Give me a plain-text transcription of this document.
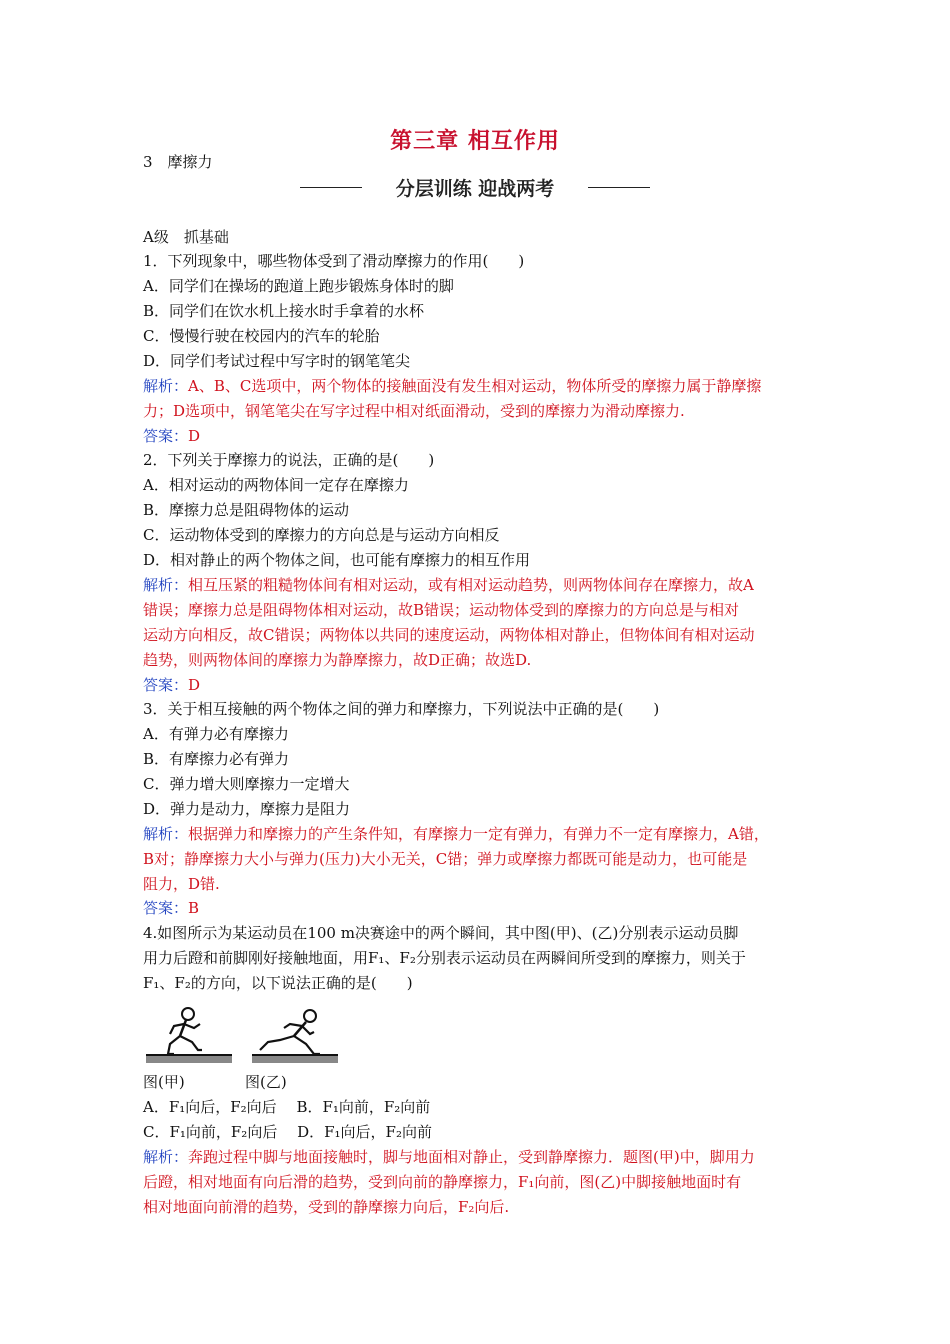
第三章 相互作用
3　摩擦力
分层训练 迎战两考
A级　抓基础
1．下列现象中，哪些物体受到了滑动摩擦力的作用(　　)
A．同学们在操场的跑道上跑步锻炼身体时的脚
B．同学们在饮水机上接水时手拿着的水杯
C．慢慢行驶在校园内的汽车的轮胎
D．同学们考试过程中写字时的钢笔笔尖
解析：A、B、C选项中，两个物体的接触面没有发生相对运动，物体所受的摩擦力属于静摩擦
力；D选项中，钢笔笔尖在写字过程中相对纸面滑动，受到的摩擦力为滑动摩擦力.
答案：D
2．下列关于摩擦力的说法，正确的是(　　)
A．相对运动的两物体间一定存在摩擦力
B．摩擦力总是阻碍物体的运动
C．运动物体受到的摩擦力的方向总是与运动方向相反
D．相对静止的两个物体之间，也可能有摩擦力的相互作用
解析：相互压紧的粗糙物体间有相对运动，或有相对运动趋势，则两物体间存在摩擦力，故A
错误；摩擦力总是阻碍物体相对运动，故B错误；运动物体受到的摩擦力的方向总是与相对
运动方向相反，故C错误；两物体以共同的速度运动，两物体相对静止，但物体间有相对运动
趋势，则两物体间的摩擦力为静摩擦力，故D正确；故选D.
答案：D
3．关于相互接触的两个物体之间的弹力和摩擦力，下列说法中正确的是(　　)
A．有弹力必有摩擦力
B．有摩擦力必有弹力
C．弹力增大则摩擦力一定增大
D．弹力是动力，摩擦力是阻力
解析：根据弹力和摩擦力的产生条件知，有摩擦力一定有弹力，有弹力不一定有摩擦力，A错，
B对；静摩擦力大小与弹力(压力)大小无关，C错；弹力或摩擦力都既可能是动力，也可能是
阻力，D错.
答案：B
4.如图所示为某运动员在100 m决赛途中的两个瞬间，其中图(甲)、(乙)分别表示运动员脚
用力后蹬和前脚刚好接触地面，用F₁、F₂分别表示运动员在两瞬间所受到的摩擦力，则关于
F₁、F₂的方向，以下说法正确的是(　　)
图(甲)	图(乙)
A．F₁向后，F₂向后　 B．F₁向前，F₂向前
C．F₁向前，F₂向后　 D．F₁向后，F₂向前
解析：奔跑过程中脚与地面接触时，脚与地面相对静止，受到静摩擦力．题图(甲)中，脚用力
后蹬，相对地面有向后滑的趋势，受到向前的静摩擦力，F₁向前，图(乙)中脚接触地面时有
相对地面向前滑的趋势，受到的静摩擦力向后，F₂向后.
